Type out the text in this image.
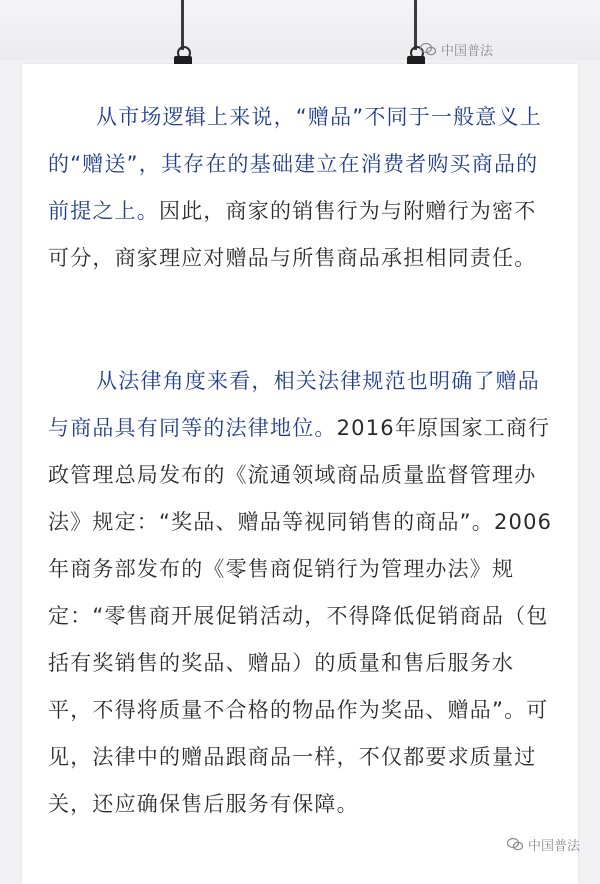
中国普法
从市场逻辑上来说，“赠品”不同于一般意义上的“赠送”，其存在的基础建立在消费者购买商品的前提之上。因此，商家的销售行为与附赠行为密不可分，商家理应对赠品与所售商品承担相同责任。
从法律角度来看，相关法律规范也明确了赠品与商品具有同等的法律地位。2016年原国家工商行政管理总局发布的《流通领域商品质量监督管理办法》规定：“奖品、赠品等视同销售的商品”。2006年商务部发布的《零售商促销行为管理办法》规定：“零售商开展促销活动，不得降低促销商品（包括有奖销售的奖品、赠品）的质量和售后服务水平，不得将质量不合格的物品作为奖品、赠品”。可见，法律中的赠品跟商品一样，不仅都要求质量过关，还应确保售后服务有保障。
中国普法
